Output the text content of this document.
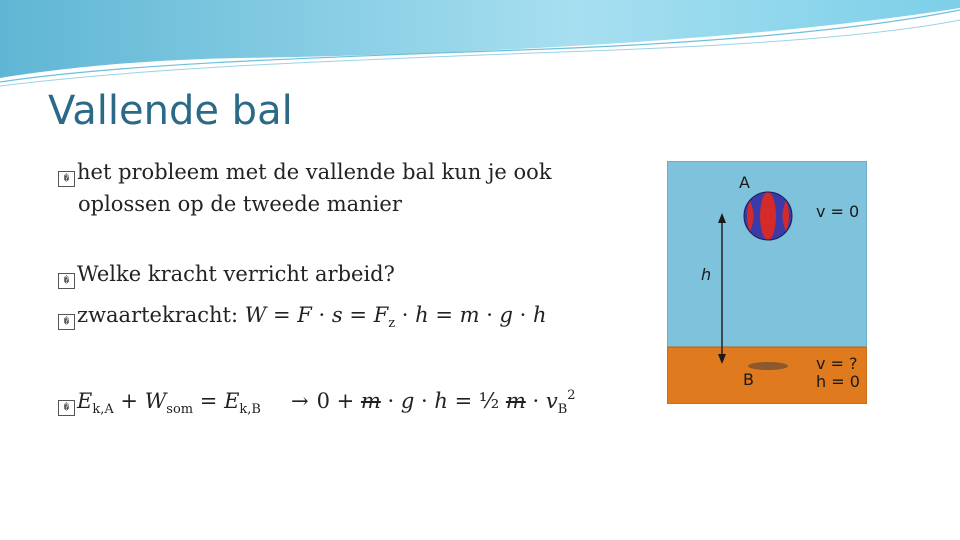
Vallende bal
� het probleem met de vallende bal kun je ook
oplossen op de tweede manier
� Welke kracht verricht arbeid?
� zwaartekracht: $W = F \cdot s = F_z \cdot h = m \cdot g \cdot h$
� $E_{k,A} + W_{som} = E_{k,B} \to 0 + m \cdot g \cdot h$ = ½ $m \cdot v_B^2$
A
v = 0
h
v = ?
B	h = 0
